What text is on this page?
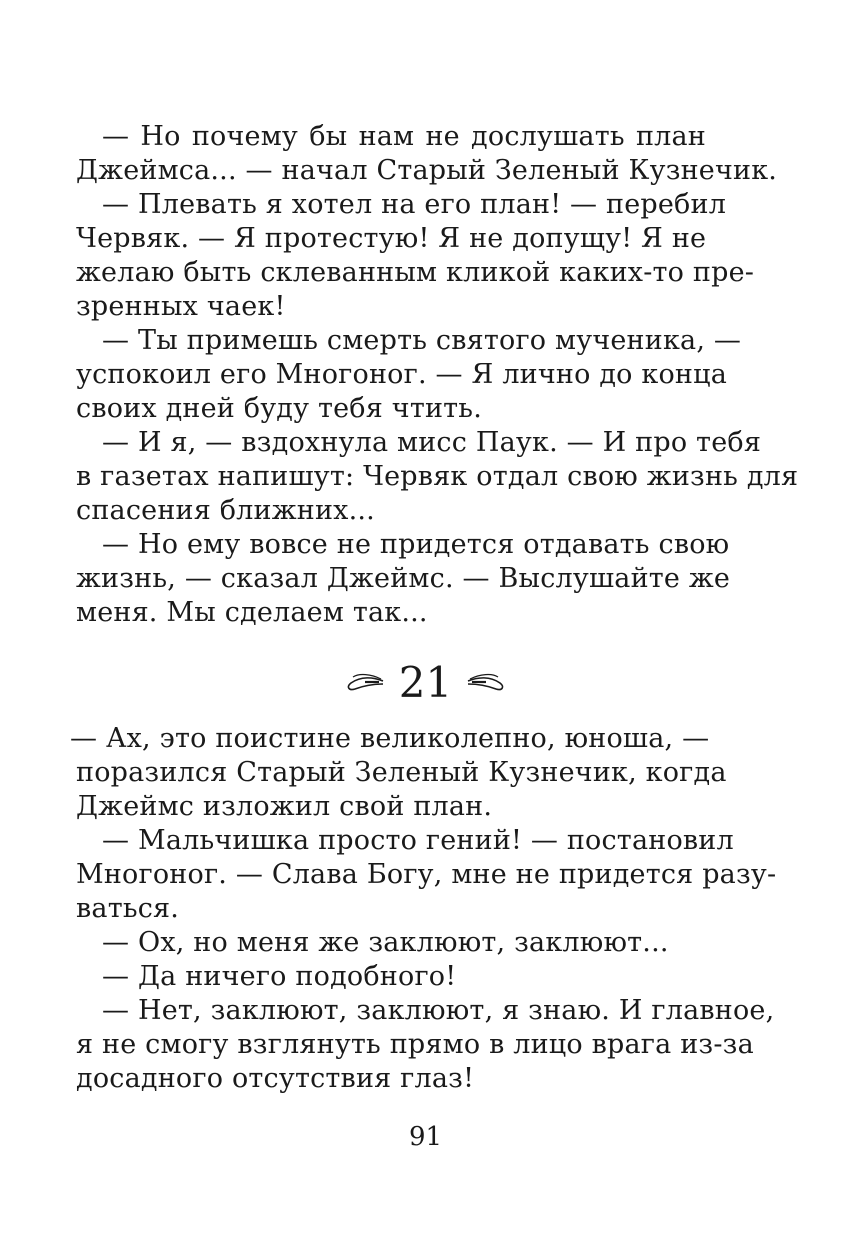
— Но почему бы нам не дослушать план
Джеймса... — начал Старый Зеленый Кузнечик.
— Плевать я хотел на его план! — перебил
Червяк. — Я протестую! Я не допущу! Я не
желаю быть склеванным кликой каких-то пре-
зренных чаек!
— Ты примешь смерть святого мученика, —
успокоил его Многоног. — Я лично до конца
своих дней буду тебя чтить.
— И я, — вздохнула мисс Паук. — И про тебя
в газетах напишут: Червяк отдал свою жизнь для
спасения ближних...
— Но ему вовсе не придется отдавать свою
жизнь, — сказал Джеймс. — Выслушайте же
меня. Мы сделаем так...
21
— Ах, это поистине великолепно, юноша, —
поразился Старый Зеленый Кузнечик, когда
Джеймс изложил свой план.
— Мальчишка просто гений! — постановил
Многоног. — Слава Богу, мне не придется разу-
ваться.
— Ох, но меня же заклюют, заклюют...
— Да ничего подобного!
— Нет, заклюют, заклюют, я знаю. И главное,
я не смогу взглянуть прямо в лицо врага из-за
досадного отсутствия глаз!
91
